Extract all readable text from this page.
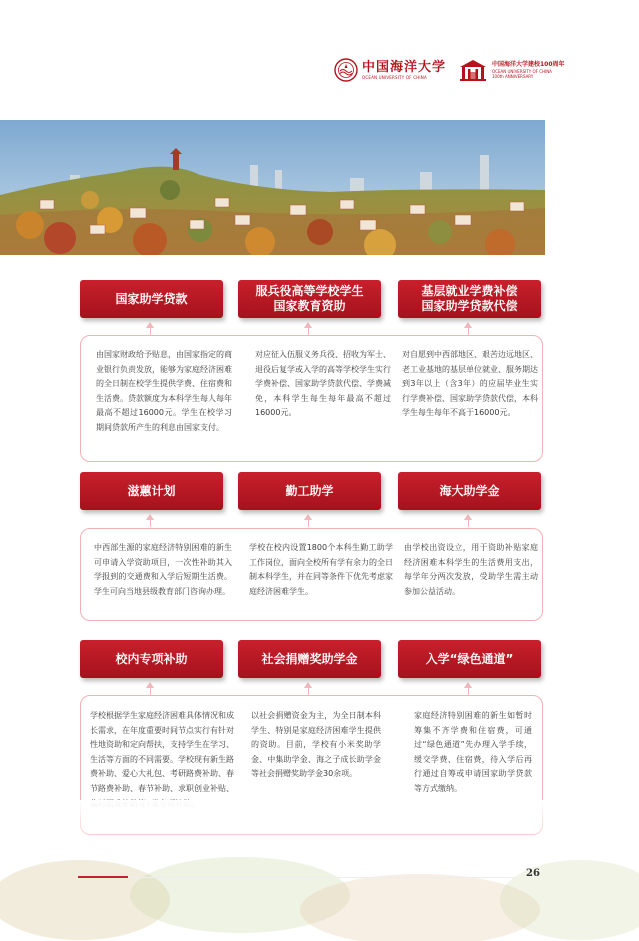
中国海洋大学
OCEAN UNIVERSITY OF CHINA
中国海洋大学建校100周年
OCEAN UNIVERSITY OF CHINA
100th ANNIVERSARY
国家助学贷款
由国家财政给予贴息，由国家指定的商业银行负责发放，能够为家庭经济困难的全日制在校学生提供学费、住宿费和生活费。贷款额度为本科学生每人每年最高不超过16000元。学生在校学习期间贷款所产生的利息由国家支付。
服兵役高等学校学生
国家教育资助
对应征入伍服义务兵役、招收为军士、退役后复学或入学的高等学校学生实行学费补偿、国家助学贷款代偿、学费减免，本科学生每生每年最高不超过16000元。
基层就业学费补偿
国家助学贷款代偿
对自愿到中西部地区、艰苦边远地区、老工业基地的基层单位就业、服务期达到3年以上（含3年）的应届毕业生实行学费补偿、国家助学贷款代偿，本科学生每生每年不高于16000元。
滋蕙计划
中西部生源的家庭经济特别困难的新生可申请入学资助项目，一次性补助其入学报到的交通费和入学后短期生活费。学生可向当地县级教育部门咨询办理。
勤工助学
学校在校内设置1800个本科生勤工助学工作岗位，面向全校所有学有余力的全日制本科学生，并在同等条件下优先考虑家庭经济困难学生。
海大助学金
由学校出资设立，用于资助补贴家庭经济困难本科学生的生活费用支出，每学年分两次发放，受助学生需主动参加公益活动。
校内专项补助
学校根据学生家庭经济困难具体情况和成长需求，在年度重要时间节点实行有针对性地资助和定向帮扶，支持学生在学习、生活等方面的不同需要。学校现有新生路费补助、爱心大礼包、考研路费补助、春节路费补助、春节补助、求职创业补贴、
社会捐赠奖助学金
以社会捐赠资金为主，为全日制本科学生、特别是家庭经济困难学生提供的资助。目前，学校有小米奖助学金、中集助学金、海之子成长助学金等社会捐赠奖助学金30余项。
入学“绿色通道”
家庭经济特别困难的新生如暂时筹集不齐学费和住宿费，可通过“绿色通道”先办理入学手续，缓交学费、住宿费，待入学后再行通过自筹或申请国家助学贷款等方式缴纳。
26
